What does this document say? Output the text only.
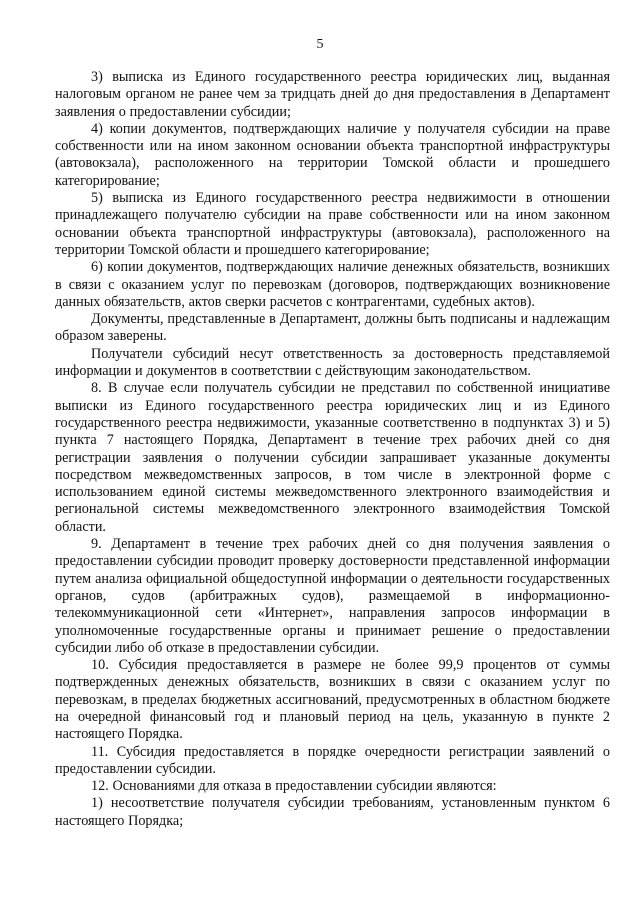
5

3) выписка из Единого государственного реестра юридических лиц, выданная налоговым органом не ранее чем за тридцать дней до дня предоставления в Департамент заявления о предоставлении субсидии;

4) копии документов, подтверждающих наличие у получателя субсидии на праве собственности или на ином законном основании объекта транспортной инфраструктуры (автовокзала), расположенного на территории Томской области и прошедшего категорирование;

5) выписка из Единого государственного реестра недвижимости в отношении принадлежащего получателю субсидии на праве собственности или на ином законном основании объекта транспортной инфраструктуры (автовокзала), расположенного на территории Томской области и прошедшего категорирование;

6) копии документов, подтверждающих наличие денежных обязательств, возникших в связи с оказанием услуг по перевозкам (договоров, подтверждающих возникновение данных обязательств, актов сверки расчетов с контрагентами, судебных актов).

Документы, представленные в Департамент, должны быть подписаны и надлежащим образом заверены.

Получатели субсидий несут ответственность за достоверность представляемой информации и документов в соответствии с действующим законодательством.

8. В случае если получатель субсидии не представил по собственной инициативе выписки из Единого государственного реестра юридических лиц и из Единого государственного реестра недвижимости, указанные соответственно в подпунктах 3) и 5) пункта 7 настоящего Порядка, Департамент в течение трех рабочих дней со дня регистрации заявления о получении субсидии запрашивает указанные документы посредством межведомственных запросов, в том числе в электронной форме с использованием единой системы межведомственного электронного взаимодействия и региональной системы межведомственного электронного взаимодействия Томской области.

9. Департамент в течение трех рабочих дней со дня получения заявления о предоставлении субсидии проводит проверку достоверности представленной информации путем анализа официальной общедоступной информации о деятельности государственных органов, судов (арбитражных судов), размещаемой в информационно-телекоммуникационной сети «Интернет», направления запросов информации в уполномоченные государственные органы и принимает решение о предоставлении субсидии либо об отказе в предоставлении субсидии.

10. Субсидия предоставляется в размере не более 99,9 процентов от суммы подтвержденных денежных обязательств, возникших в связи с оказанием услуг по перевозкам, в пределах бюджетных ассигнований, предусмотренных в областном бюджете на очередной финансовый год и плановый период на цель, указанную в пункте 2 настоящего Порядка.

11. Субсидия предоставляется в порядке очередности регистрации заявлений о предоставлении субсидии.

12. Основаниями для отказа в предоставлении субсидии являются:

1) несоответствие получателя субсидии требованиям, установленным пунктом 6 настоящего Порядка;
